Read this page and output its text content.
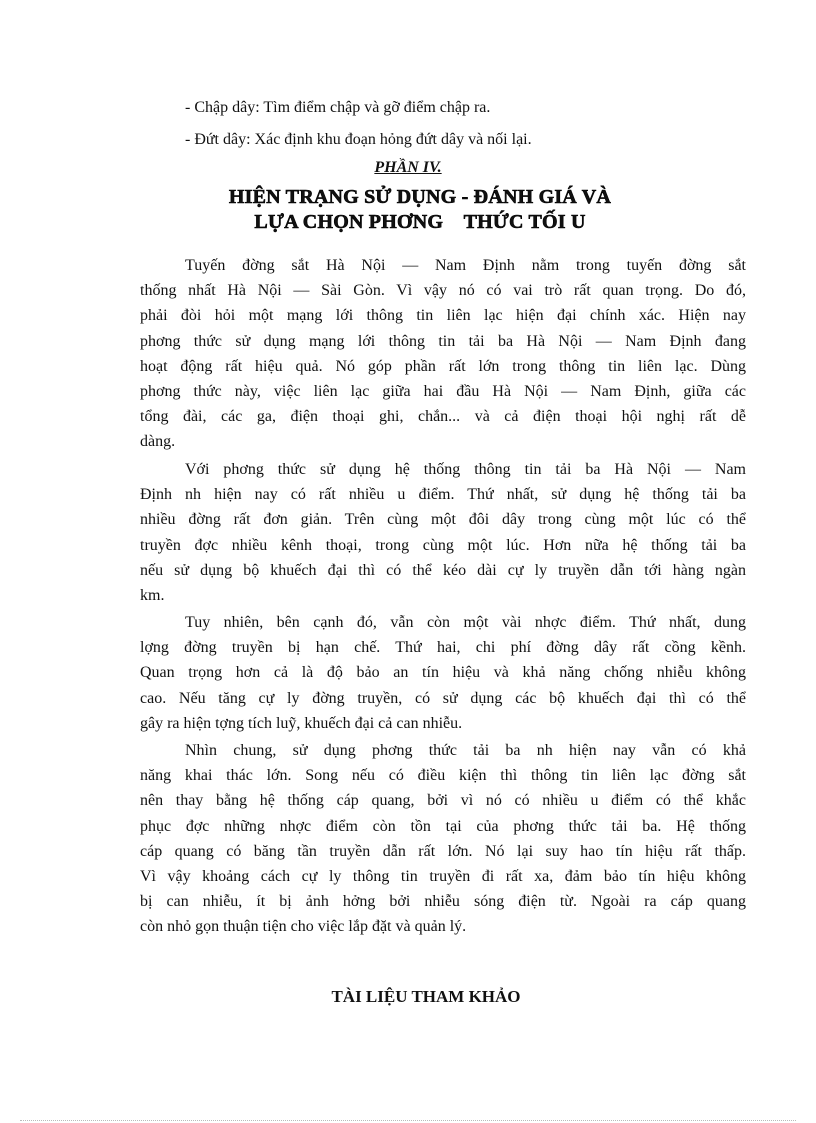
- Chập dây: Tìm điểm chập và gỡ điểm chập ra.
- Đứt dây: Xác định khu đoạn hỏng đứt dây và nối lại.
PHẦN IV.
HIỆN TRẠNG SỬ DỤNG - ĐÁNH GIÁ VÀ
LỰA CHỌN PHƠNG    THỨC TỐI U
Tuyến đờng sắt Hà Nội — Nam Định nằm trong tuyến đờng sắt
thống nhất Hà Nội — Sài Gòn. Vì vậy nó có vai trò rất quan trọng. Do đó,
phải đòi hỏi một mạng lới thông tin liên lạc hiện đại chính xác. Hiện nay
phơng thức sử dụng mạng lới thông tin tải ba Hà Nội — Nam Định đang
hoạt động rất hiệu quả. Nó góp phần rất lớn trong thông tin liên lạc. Dùng
phơng thức này, việc liên lạc giữa hai đầu Hà Nội — Nam Định, giữa các
tổng đài, các ga, điện thoại ghi, chắn... và cả điện thoại hội nghị rất dễ
dàng.
Với phơng thức sử dụng hệ thống thông tin tải ba Hà Nội — Nam
Định nh hiện nay có rất nhiều u điểm. Thứ nhất, sử dụng hệ thống tải ba
nhiều đờng rất đơn giản. Trên cùng một đôi dây trong cùng một lúc có thể
truyền đợc nhiều kênh thoại, trong cùng một lúc. Hơn nữa hệ thống tải ba
nếu sử dụng bộ khuếch đại thì có thể kéo dài cự ly truyền dẫn tới hàng ngàn
km.
Tuy nhiên, bên cạnh đó, vẫn còn một vài nhợc điểm. Thứ nhất, dung
lợng đờng truyền bị hạn chế. Thứ hai, chi phí đờng dây rất cồng kềnh.
Quan trọng hơn cả là độ bảo an tín hiệu và khả năng chống nhiễu không
cao. Nếu tăng cự ly đờng truyền, có sử dụng các bộ khuếch đại thì có thể
gây ra hiện tợng tích luỹ, khuếch đại cả can nhiễu.
Nhìn chung, sử dụng phơng thức tải ba nh hiện nay vẫn có khả
năng khai thác lớn. Song nếu có điều kiện thì thông tin liên lạc đờng sắt
nên thay bằng hệ thống cáp quang, bởi vì nó có nhiều u điểm có thể khắc
phục đợc những nhợc điểm còn tồn tại của phơng thức tải ba. Hệ thống
cáp quang có băng tần truyền dẫn rất lớn. Nó lại suy hao tín hiệu rất thấp.
Vì vậy khoảng cách cự ly thông tin truyền đi rất xa, đảm bảo tín hiệu không
bị can nhiễu, ít bị ảnh hởng bởi nhiễu sóng điện từ. Ngoài ra cáp quang
còn nhỏ gọn thuận tiện cho việc lắp đặt và quản lý.
TÀI LIỆU THAM KHẢO
